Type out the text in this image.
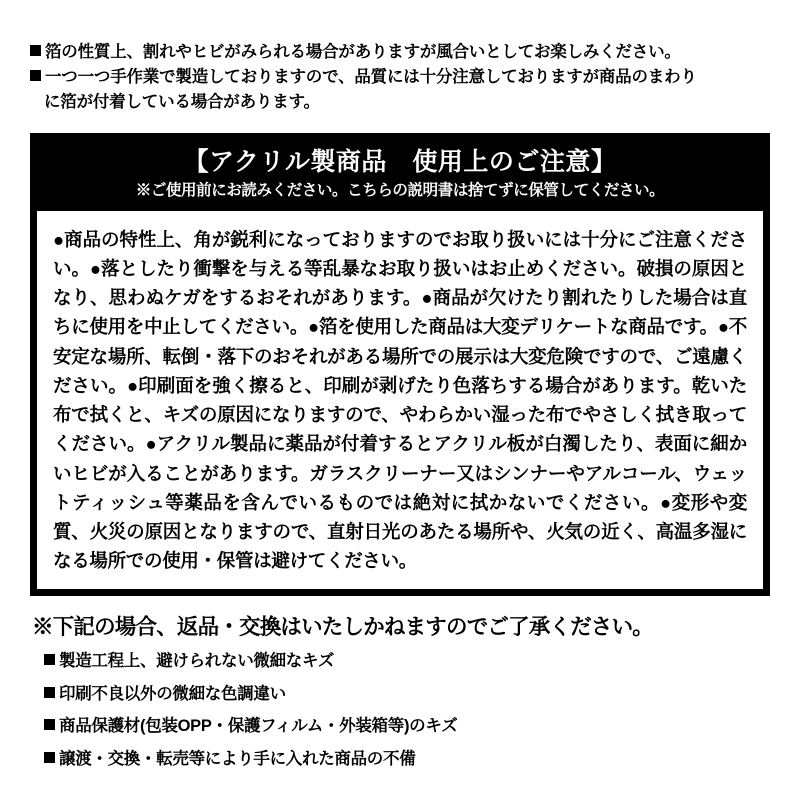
箔の性質上、割れやヒビがみられる場合がありますが風合いとしてお楽しみください。
一つ一つ手作業で製造しておりますので、品質には十分注意しておりますが商品のまわり
に箔が付着している場合があります。
【アクリル製商品　使用上のご注意】
※ご使用前にお読みください。こちらの説明書は捨てずに保管してください。
●商品の特性上、角が鋭利になっておりますのでお取り扱いには十分にご注意ください。●落としたり衝撃を与える等乱暴なお取り扱いはお止めください。破損の原因となり、思わぬケガをするおそれがあります。●商品が欠けたり割れたりした場合は直ちに使用を中止してください。●箔を使用した商品は大変デリケートな商品です。●不安定な場所、転倒・落下のおそれがある場所での展示は大変危険ですので、ご遠慮ください。●印刷面を強く擦ると、印刷が剥げたり色落ちする場合があります。乾いた布で拭くと、キズの原因になりますので、やわらかい湿った布でやさしく拭き取ってください。●アクリル製品に薬品が付着するとアクリル板が白濁したり、表面に細かいヒビが入ることがあります。ガラスクリーナー又はシンナーやアルコール、ウェットティッシュ等薬品を含んでいるものでは絶対に拭かないでください。●変形や変質、火災の原因となりますので、直射日光のあたる場所や、火気の近く、高温多湿になる場所での使用・保管は避けてください。
※下記の場合、返品・交換はいたしかねますのでご了承ください。
製造工程上、避けられない微細なキズ
印刷不良以外の微細な色調違い
商品保護材(包装OPP・保護フィルム・外装箱等)のキズ
譲渡・交換・転売等により手に入れた商品の不備
